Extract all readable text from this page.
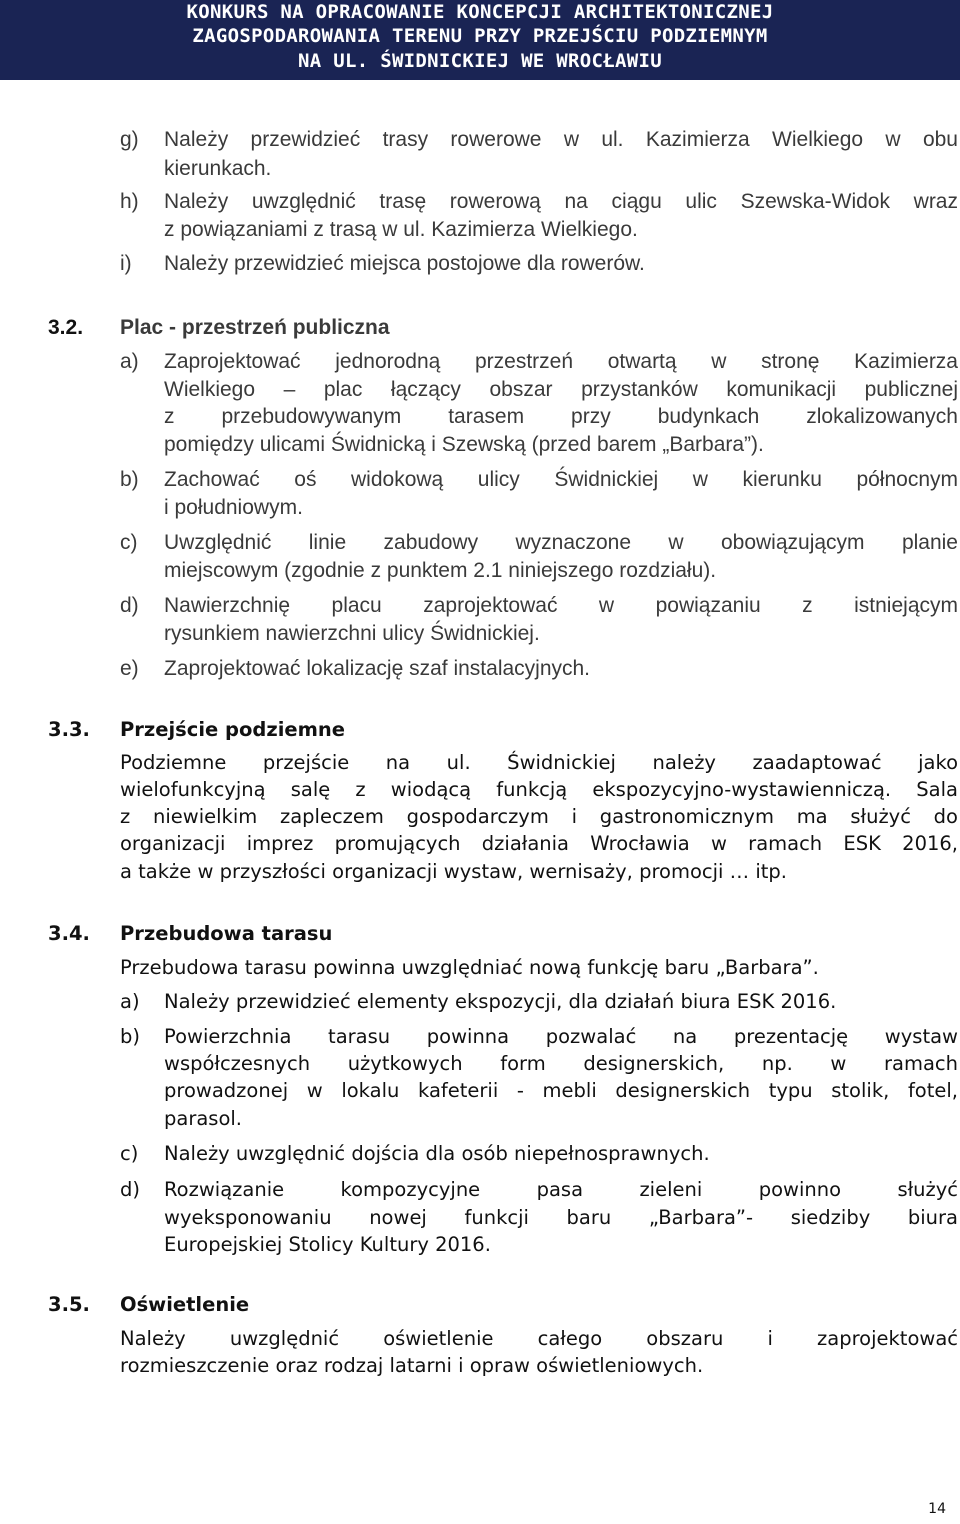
KONKURS NA OPRACOWANIE KONCEPCJI ARCHITEKTONICZNEJ
ZAGOSPODAROWANIA TERENU PRZY PRZEJŚCIU PODZIEMNYM
NA UL. ŚWIDNICKIEJ WE WROCŁAWIU
g) Należy przewidzieć trasy rowerowe w ul. Kazimierza Wielkiego w obu
kierunkach.
h) Należy uwzględnić trasę rowerową na ciągu ulic Szewska-Widok wraz
z powiązaniami z trasą w ul. Kazimierza Wielkiego.
i) Należy przewidzieć miejsca postojowe dla rowerów.
3.2. Plac - przestrzeń publiczna
a) Zaprojektować jednorodną przestrzeń otwartą w stronę Kazimierza
Wielkiego – plac łączący obszar przystanków komunikacji publicznej
z przebudowywanym tarasem przy budynkach zlokalizowanych
pomiędzy ulicami Świdnicką i Szewską (przed barem „Barbara”).
b) Zachować oś widokową ulicy Świdnickiej w kierunku północnym
i południowym.
c) Uwzględnić linie zabudowy wyznaczone w obowiązującym planie
miejscowym (zgodnie z punktem 2.1 niniejszego rozdziału).
d) Nawierzchnię placu zaprojektować w powiązaniu z istniejącym
rysunkiem nawierzchni ulicy Świdnickiej.
e) Zaprojektować lokalizację szaf instalacyjnych.
3.3. Przejście podziemne
Podziemne przejście na ul. Świdnickiej należy zaadaptować jako
wielofunkcyjną salę z wiodącą funkcją ekspozycyjno-wystawienniczą. Sala
z niewielkim zapleczem gospodarczym i gastronomicznym ma służyć do
organizacji imprez promujących działania Wrocławia w ramach ESK 2016,
a także w przyszłości organizacji wystaw, wernisaży, promocji … itp.
3.4. Przebudowa tarasu
Przebudowa tarasu powinna uwzględniać nową funkcję baru „Barbara”.
a) Należy przewidzieć elementy ekspozycji, dla działań biura ESK 2016.
b) Powierzchnia tarasu powinna pozwalać na prezentację wystaw
współczesnych użytkowych form designerskich, np. w ramach
prowadzonej w lokalu kafeterii - mebli designerskich typu stolik, fotel,
parasol.
c) Należy uwzględnić dojścia dla osób niepełnosprawnych.
d) Rozwiązanie kompozycyjne pasa zieleni powinno służyć
wyeksponowaniu nowej funkcji baru „Barbara”- siedziby biura
Europejskiej Stolicy Kultury 2016.
3.5. Oświetlenie
Należy uwzględnić oświetlenie całego obszaru i zaprojektować
rozmieszczenie oraz rodzaj latarni i opraw oświetleniowych.
14
